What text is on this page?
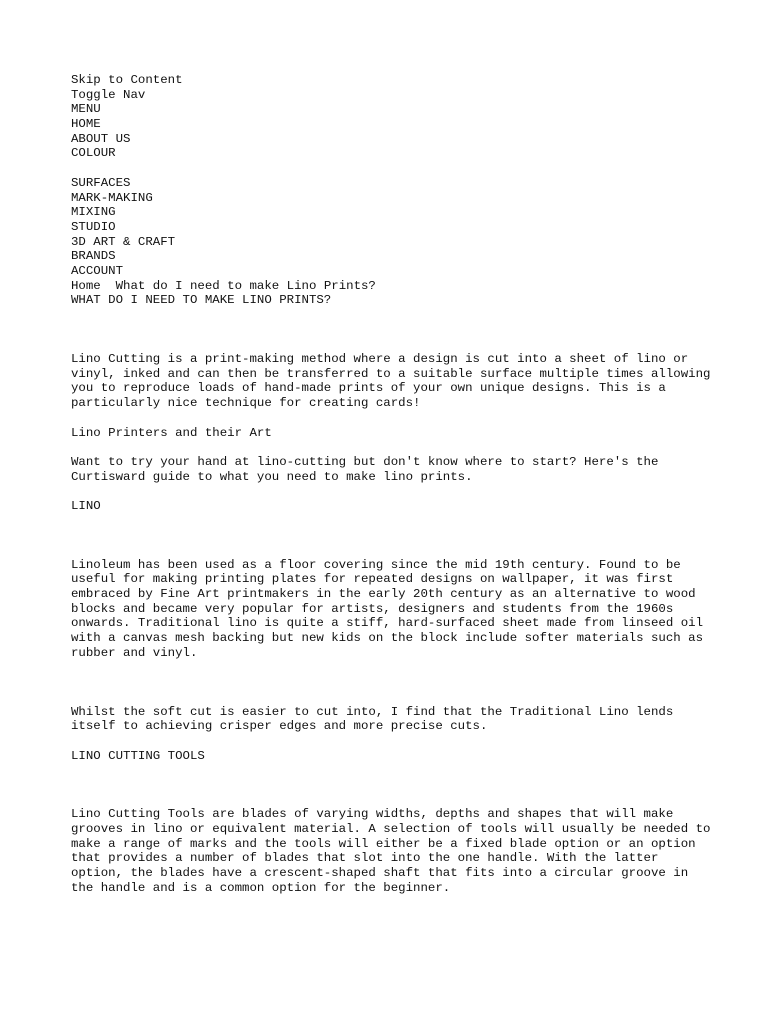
Skip to Content
Toggle Nav
MENU
HOME
ABOUT US
COLOUR
SURFACES
MARK-MAKING
MIXING
STUDIO
3D ART & CRAFT
BRANDS
ACCOUNT
Home What do I need to make Lino Prints?
WHAT DO I NEED TO MAKE LINO PRINTS?

Lino Cutting is a print-making method where a design is cut into a sheet of lino or vinyl, inked and can then be transferred to a suitable surface multiple times allowing you to reproduce loads of hand-made prints of your own unique designs. This is a particularly nice technique for creating cards!

Lino Printers and their Art

Want to try your hand at lino-cutting but don't know where to start? Here's the Curtisward guide to what you need to make lino prints.

LINO

Linoleum has been used as a floor covering since the mid 19th century. Found to be useful for making printing plates for repeated designs on wallpaper, it was first embraced by Fine Art printmakers in the early 20th century as an alternative to wood blocks and became very popular for artists, designers and students from the 1960s onwards. Traditional lino is quite a stiff, hard-surfaced sheet made from linseed oil with a canvas mesh backing but new kids on the block include softer materials such as rubber and vinyl.

Whilst the soft cut is easier to cut into, I find that the Traditional Lino lends itself to achieving crisper edges and more precise cuts.

LINO CUTTING TOOLS

Lino Cutting Tools are blades of varying widths, depths and shapes that will make grooves in lino or equivalent material. A selection of tools will usually be needed to make a range of marks and the tools will either be a fixed blade option or an option that provides a number of blades that slot into the one handle. With the latter option, the blades have a crescent-shaped shaft that fits into a circular groove in the handle and is a common option for the beginner.
